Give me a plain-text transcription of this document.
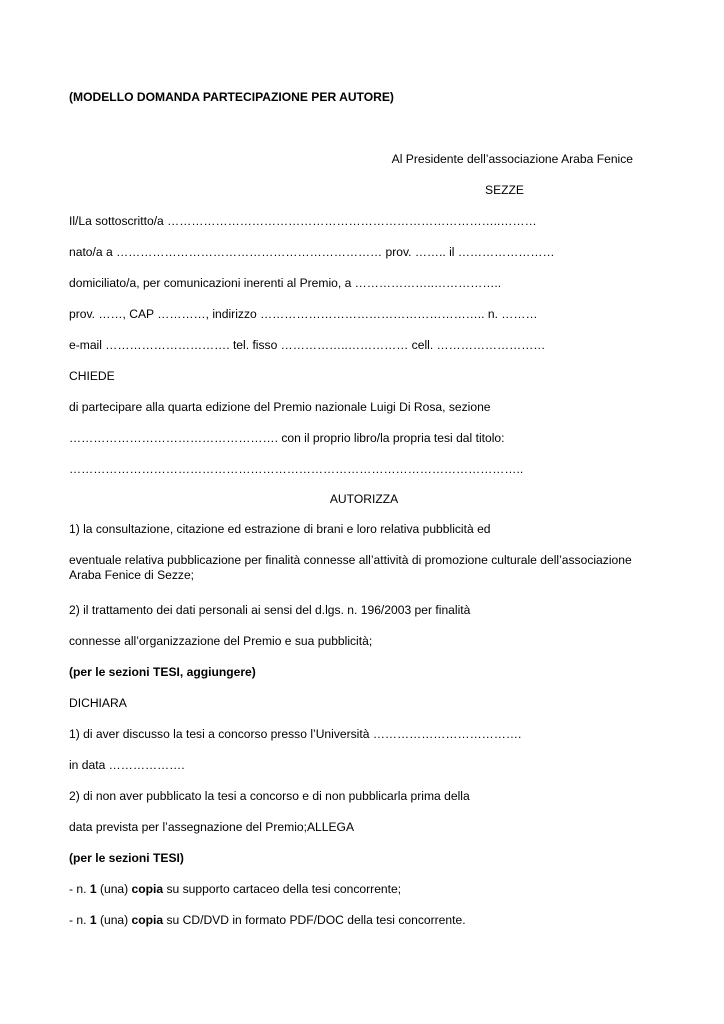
(MODELLO DOMANDA PARTECIPAZIONE PER AUTORE)
Al Presidente dell’associazione Araba Fenice
SEZZE
Il/La sottoscritto/a ………………………………………………………………………..………
nato/a a ………………………………………………………… prov. …….. il ……………………
domiciliato/a, per comunicazioni inerenti al Premio, a ………………..……………..
prov. ……, CAP …………, indirizzo ……………………………………………….. n. ………
e-mail …………………………. tel. fisso ……………..…………… cell. ………………………
CHIEDE
di partecipare alla quarta edizione del Premio nazionale Luigi Di Rosa, sezione
……………………………………………. con il proprio libro/la propria tesi dal titolo:
…………………………………………………………………………………………………..
AUTORIZZA
1) la consultazione, citazione ed estrazione di brani e loro relativa pubblicità ed
eventuale relativa pubblicazione per finalità connesse all’attività di promozione culturale dell’associazione Araba Fenice di Sezze;
2) il trattamento dei dati personali ai sensi del d.lgs. n. 196/2003 per finalità
connesse all’organizzazione del Premio e sua pubblicità;
(per le sezioni TESI, aggiungere)
DICHIARA
1) di aver discusso la tesi a concorso presso l’Università ……………………………….
in data ……………….
2) di non aver pubblicato la tesi a concorso e di non pubblicarla prima della
data prevista per l’assegnazione del Premio;ALLEGA
(per le sezioni TESI)
- n. 1 (una) copia su supporto cartaceo della tesi concorrente;
- n. 1 (una) copia su CD/DVD in formato PDF/DOC della tesi concorrente.
